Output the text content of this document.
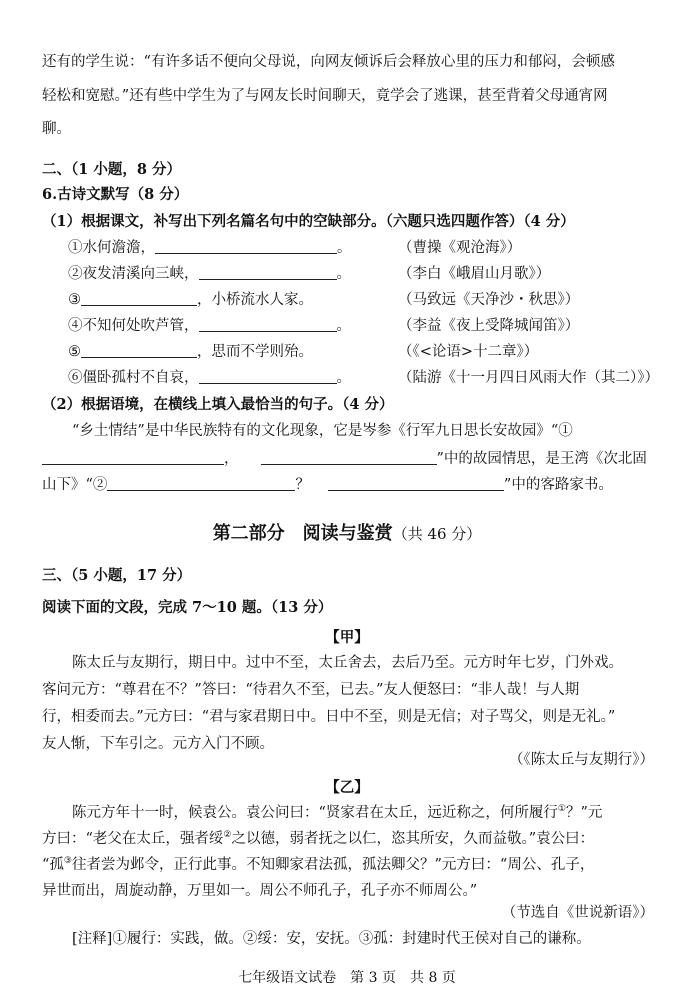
还有的学生说：“有许多话不便向父母说，向网友倾诉后会释放心里的压力和郁闷，会顿感
轻松和宽慰。”还有些中学生为了与网友长时间聊天，竟学会了逃课，甚至背着父母通宵网
聊。
二、（1 小题，8 分）
6.古诗文默写（8 分）
（1）根据课文，补写出下列名篇名句中的空缺部分。（六题只选四题作答）（4 分）
①水何澹澹，	。	（曹操《观沧海》）
②夜发清溪向三峡，	。	（李白《峨眉山月歌》）
③	，小桥流水人家。	（马致远《天净沙・秋思》）
④不知何处吹芦管，	。	（李益《夜上受降城闻笛》）
⑤	，思而不学则殆。	（《<论语>十二章》）
⑥僵卧孤村不自哀，	。	（陆游《十一月四日风雨大作（其二）》）
（2）根据语境，在横线上填入最恰当的句子。（4 分）
“乡土情结”是中华民族特有的文化现象，它是岑参《行军九日思长安故园》“①
，	”中的故园情思，是王湾《次北固
山下》“②	？	”中的客路家书。
第二部分　阅读与鉴赏（共 46 分）
三、（5 小题，17 分）
阅读下面的文段，完成 7～10 题。（13 分）
【甲】
陈太丘与友期行，期日中。过中不至，太丘舍去，去后乃至。元方时年七岁，门外戏。
客问元方：“尊君在不？”答曰：“待君久不至，已去。”友人便怒曰：“非人哉！与人期
行，相委而去。”元方曰：“君与家君期日中。日中不至，则是无信；对子骂父，则是无礼。”
友人惭，下车引之。元方入门不顾。
（《陈太丘与友期行》）
【乙】
陈元方年十一时，候袁公。袁公问曰：“贤家君在太丘，远近称之，何所履行①？”元
方曰：“老父在太丘，强者绥②之以德，弱者抚之以仁，恣其所安，久而益敬。”袁公曰：
“孤③往者尝为邺令，正行此事。不知卿家君法孤，孤法卿父？”元方曰：“周公、孔子，
异世而出，周旋动静，万里如一。周公不师孔子，孔子亦不师周公。”
（节选自《世说新语》）
[注释]①履行：实践，做。②绥：安，安抚。③孤：封建时代王侯对自己的谦称。
七年级语文试卷　第 3 页　共 8 页
